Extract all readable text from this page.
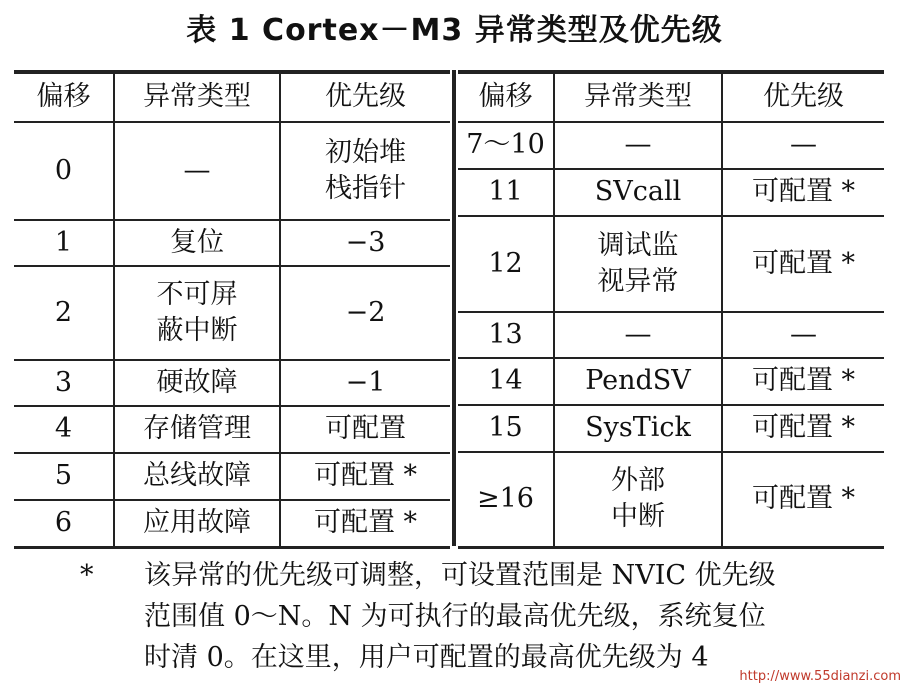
表 1 Cortex－M3 异常类型及优先级
偏移	异常类型	优先级
0	—	初始堆
栈指针

1	复位	−3
2	不可屏
蔽中断	−2
3	硬故障	−1
4	存储管理	可配置
5	总线故障	可配置 *
6	应用故障	可配置 *
偏移	异常类型	优先级
7～10	—	—
11	SVcall	可配置 *
12	调试监
视异常	可配置 *
13	—	—
14	PendSV	可配置 *
15	SysTick	可配置 *
≥16	外部
中断	可配置 *
* 该异常的优先级可调整，可设置范围是 NVIC 优先级
范围值 0～N。N 为可执行的最高优先级，系统复位
时清 0。在这里，用户可配置的最高优先级为 4
http://www.55dianzi.com
